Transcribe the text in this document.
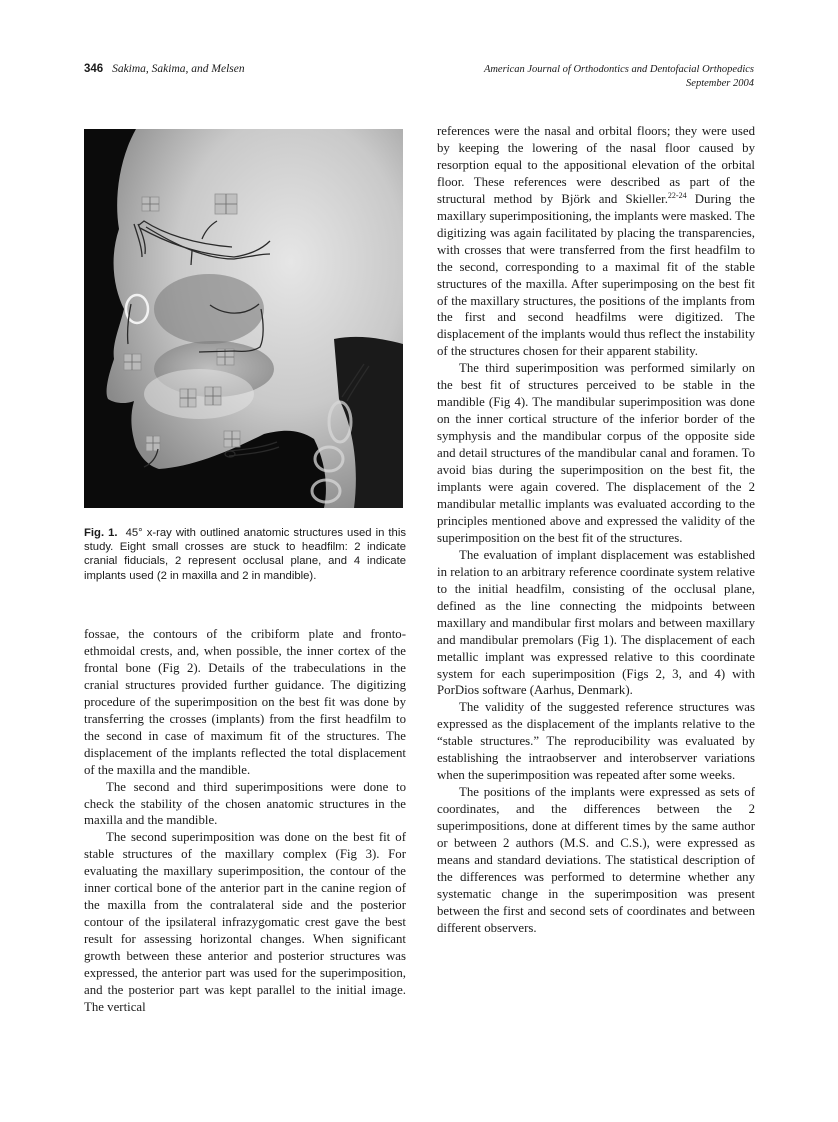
346 Sakima, Sakima, and Melsen	American Journal of Orthodontics and Dentofacial Orthopedics
September 2004
Fig. 1. 45° x-ray with outlined anatomic structures used in this study. Eight small crosses are stuck to headfilm: 2 indicate cranial fiducials, 2 represent occlusal plane, and 4 indicate implants used (2 in maxilla and 2 in mandible).

fossae, the contours of the cribiform plate and fronto-ethmoidal crests, and, when possible, the inner cortex of the frontal bone (Fig 2). Details of the trabeculations in the cranial structures provided further guidance. The digitizing procedure of the superimposition on the best fit was done by transferring the crosses (implants) from the first headfilm to the second in case of maximum fit of the structures. The displacement of the implants reflected the total displacement of the maxilla and the mandible.

The second and third superimpositions were done to check the stability of the chosen anatomic structures in the maxilla and the mandible.

The second superimposition was done on the best fit of stable structures of the maxillary complex (Fig 3). For evaluating the maxillary superimposition, the contour of the inner cortical bone of the anterior part in the canine region of the maxilla from the contralateral side and the posterior contour of the ipsilateral infrazygomatic crest gave the best result for assessing horizontal changes. When significant growth between these anterior and posterior structures was expressed, the anterior part was used for the superimposition, and the posterior part was kept parallel to the initial image. The vertical

references were the nasal and orbital floors; they were used by keeping the lowering of the nasal floor caused by resorption equal to the appositional elevation of the orbital floor. These references were described as part of the structural method by Björk and Skieller.$^{22-24}$ During the maxillary superimpositioning, the implants were masked. The digitizing was again facilitated by placing the transparencies, with crosses that were transferred from the first headfilm to the second, corresponding to a maximal fit of the stable structures of the maxilla. After superimposing on the best fit of the maxillary structures, the positions of the implants from the first and second headfilms were digitized. The displacement of the implants would thus reflect the instability of the structures chosen for their apparent stability.

The third superimposition was performed similarly on the best fit of structures perceived to be stable in the mandible (Fig 4). The mandibular superimposition was done on the inner cortical structure of the inferior border of the symphysis and the mandibular corpus of the opposite side and detail structures of the mandibular canal and foramen. To avoid bias during the superimposition on the best fit, the implants were again covered. The displacement of the 2 mandibular metallic implants was evaluated according to the principles mentioned above and expressed the validity of the superimposition on the best fit of the structures.

The evaluation of implant displacement was established in relation to an arbitrary reference coordinate system relative to the initial headfilm, consisting of the occlusal plane, defined as the line connecting the midpoints between maxillary and mandibular first molars and between maxillary and mandibular premolars (Fig 1). The displacement of each metallic implant was expressed relative to this coordinate system for each superimposition (Figs 2, 3, and 4) with PorDios software (Aarhus, Denmark).

The validity of the suggested reference structures was expressed as the displacement of the implants relative to the “stable structures.” The reproducibility was evaluated by establishing the intraobserver and interobserver variations when the superimposition was repeated after some weeks.

The positions of the implants were expressed as sets of coordinates, and the differences between the 2 superimpositions, done at different times by the same author or between 2 authors (M.S. and C.S.), were expressed as means and standard deviations. The statistical description of the differences was performed to determine whether any systematic change in the superimposition was present between the first and second sets of coordinates and between different observers.
